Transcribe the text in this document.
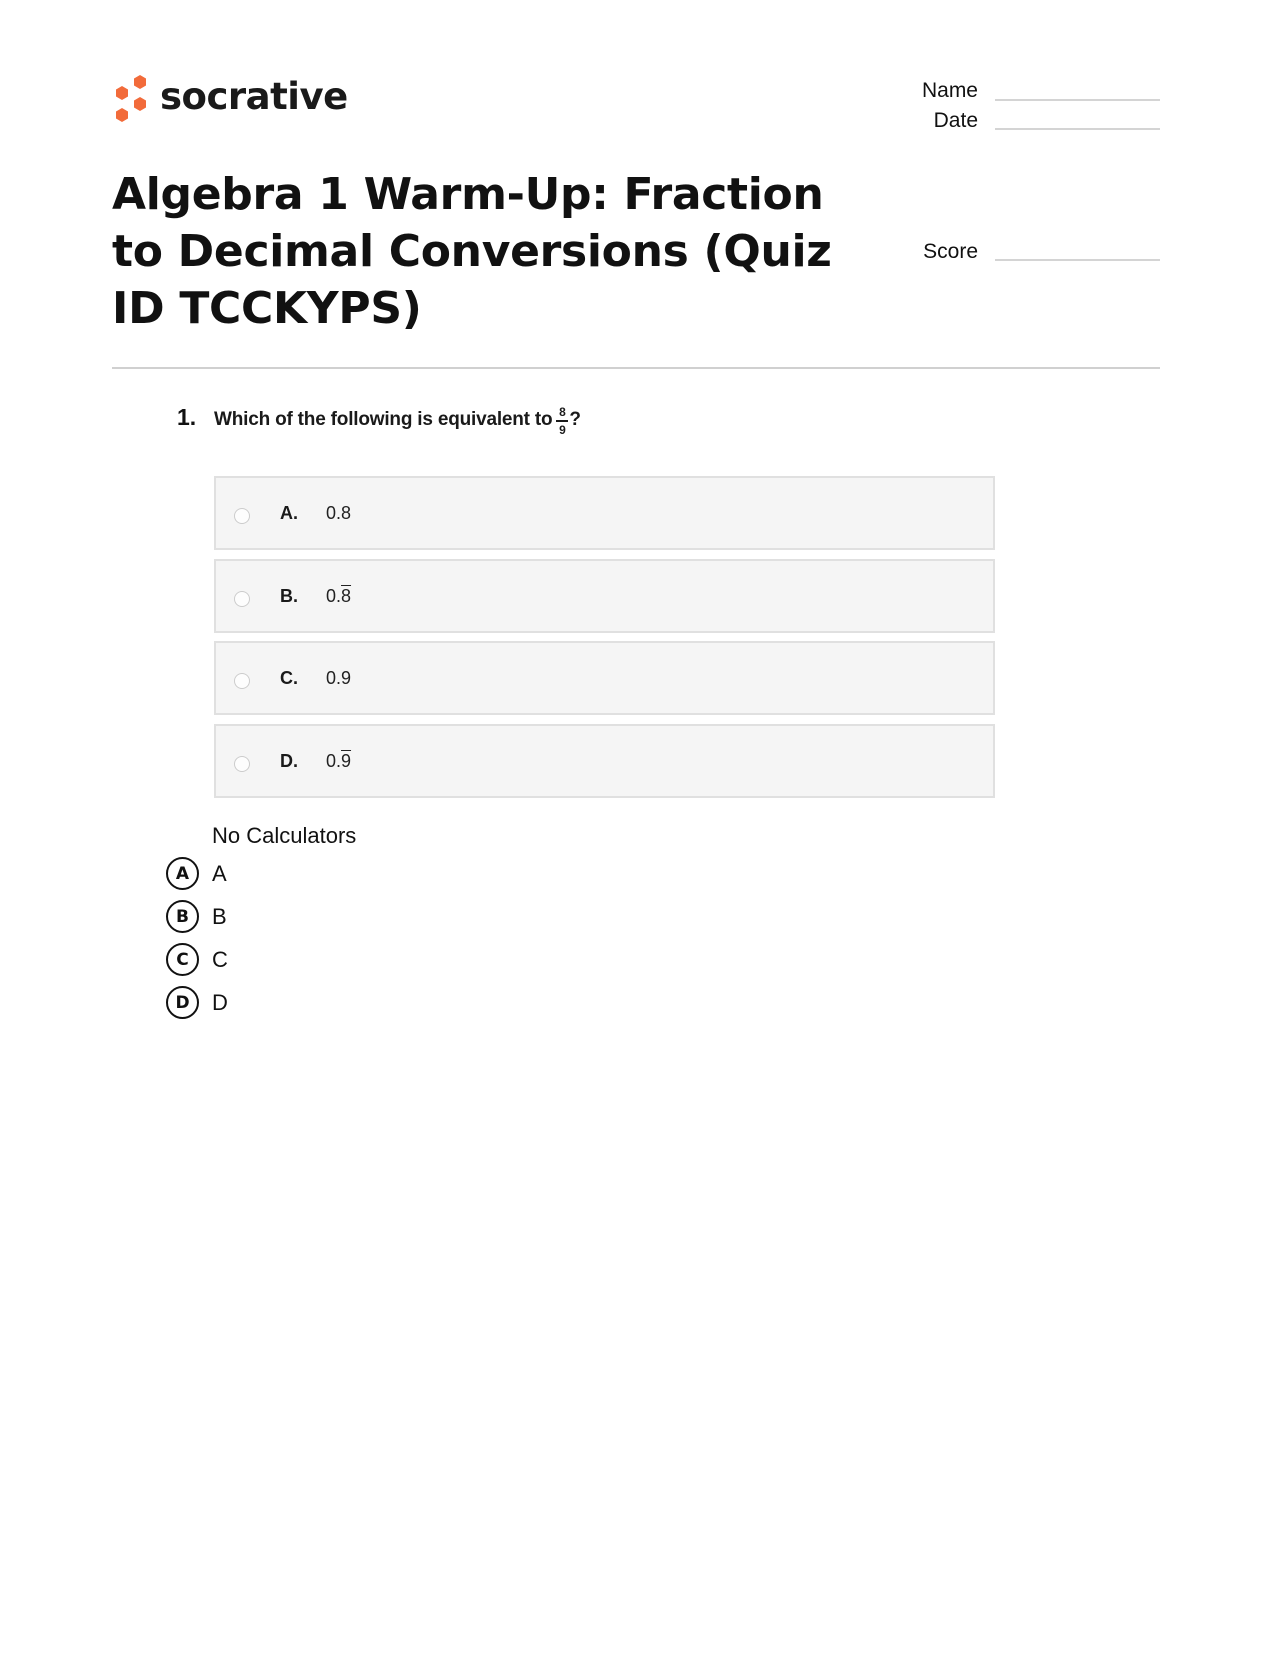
socrative	Name
Date
Score
Algebra 1 Warm-Up: Fraction to Decimal Conversions (Quiz ID TCCKYPS)
1. Which of the following is equivalent to $\frac{8}{9}$ ?
A.	0.8
B.	0.8
C.	0.9
D.	0.9
No Calculators
A	A
B	B
C	C
D	D
